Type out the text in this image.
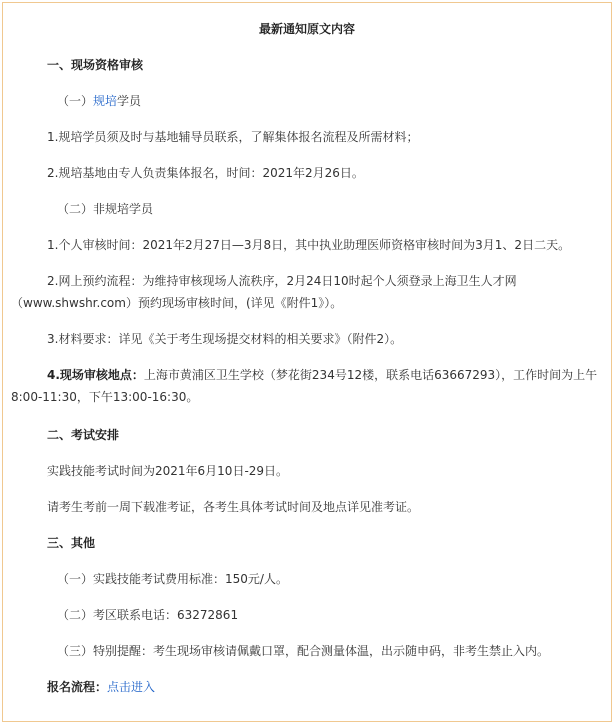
最新通知原文内容
一、现场资格审核
（一）规培学员
1.规培学员须及时与基地辅导员联系，了解集体报名流程及所需材料；
2.规培基地由专人负责集体报名，时间：2021年2月26日。
（二）非规培学员
1.个人审核时间：2021年2月27日—3月8日，其中执业助理医师资格审核时间为3月1、2日二天。
2.网上预约流程：为维持审核现场人流秩序，2月24日10时起个人须登录上海卫生人才网
（www.shwshr.com）预约现场审核时间，(详见《附件1》）。
3.材料要求：详见《关于考生现场提交材料的相关要求》（附件2）。
4.现场审核地点：上海市黄浦区卫生学校（梦花街234号12楼，联系电话63667293），工作时间为上午
8:00-11:30，下午13:00-16:30。
二、考试安排
实践技能考试时间为2021年6月10日-29日。
请考生考前一周下载准考证，各考生具体考试时间及地点详见准考证。
三、其他
（一）实践技能考试费用标准：150元/人。
（二）考区联系电话：63272861
（三）特别提醒：考生现场审核请佩戴口罩，配合测量体温，出示随申码，非考生禁止入内。
报名流程：点击进入
